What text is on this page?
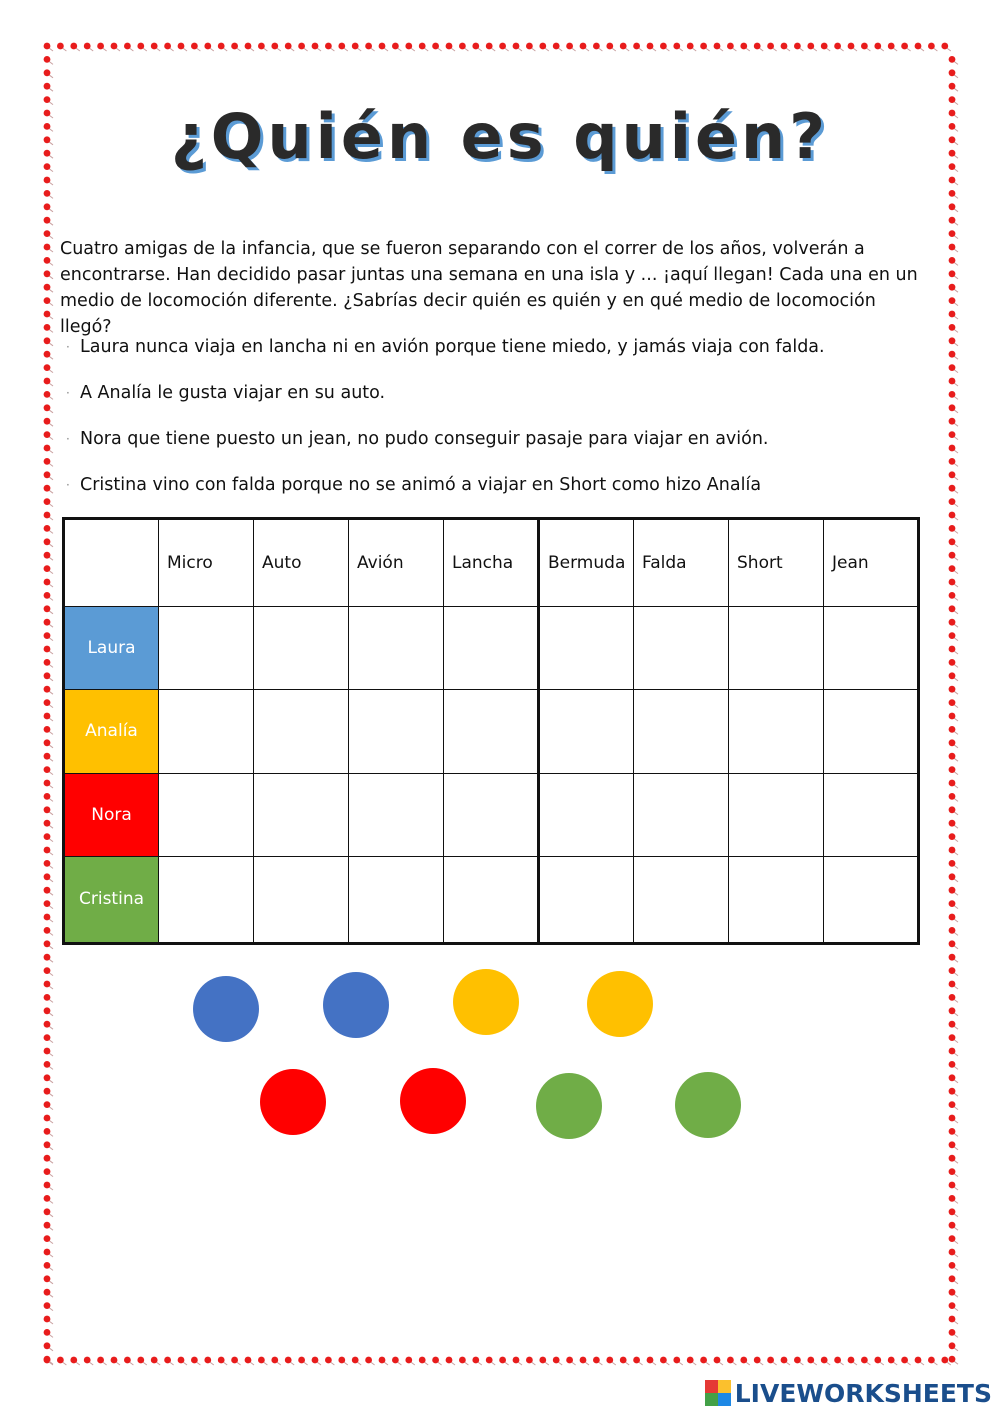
¿Quién es quién?

Cuatro amigas de la infancia, que se fueron separando con el correr de los años, volverán a encontrarse. Han decidido pasar juntas una semana en una isla y ... ¡aquí llegan! Cada una en un medio de locomoción diferente. ¿Sabrías decir quién es quién y en qué medio de locomoción llegó?

· Laura nunca viaja en lancha ni en avión porque tiene miedo, y jamás viaja con falda.
· A Analía le gusta viajar en su auto.
· Nora que tiene puesto un jean, no pudo conseguir pasaje para viajar en avión.
· Cristina vino con falda porque no se animó a viajar en Short como hizo Analía
	Micro	Auto	Avión	Lancha	Bermuda	Falda	Short	Jean
Laura								
Analía								
Nora								
Cristina								
LIVEWORKSHEETS
